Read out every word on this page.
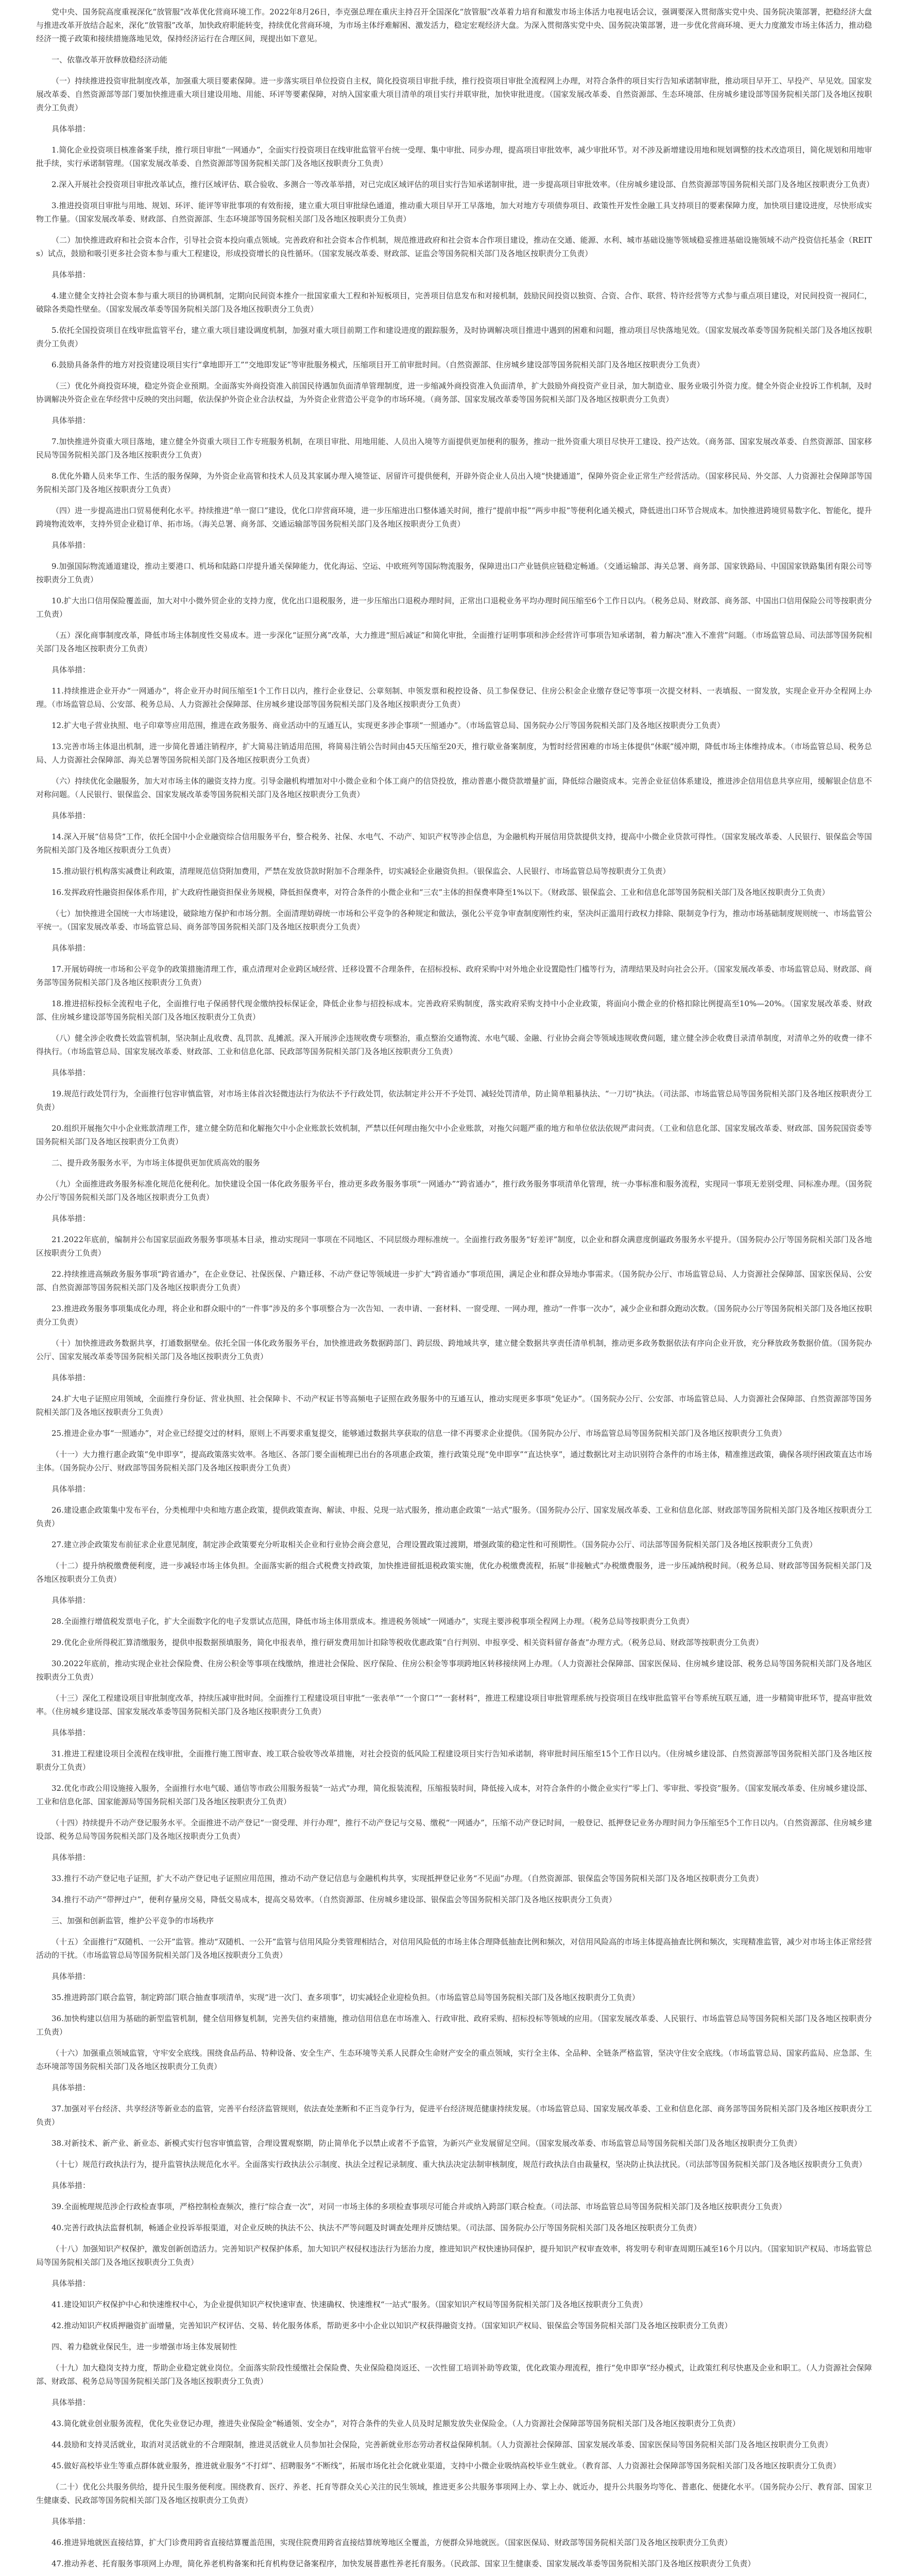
党中央、国务院高度重视深化“放管服”改革优化营商环境工作。2022年8月26日，李克强总理在重庆主持召开全国深化“放管服”改革着力培育和激发市场主体活力电视电话会议，强调要深入贯彻落实党中央、国务院决策部署，把稳经济大盘与推进改革开放结合起来，深化“放管服”改革，加快政府职能转变，持续优化营商环境，为市场主体纾难解困、激发活力，稳定宏观经济大盘。为深入贯彻落实党中央、国务院决策部署，进一步优化营商环境、更大力度激发市场主体活力，推动稳经济一揽子政策和接续措施落地见效，保持经济运行在合理区间，现提出如下意见。
一、依靠改革开放释放稳经济动能
（一）持续推进投资审批制度改革，加强重大项目要素保障。进一步落实项目单位投资自主权，简化投资项目审批手续，推行投资项目审批全流程网上办理，对符合条件的项目实行告知承诺制审批，推动项目早开工、早投产、早见效。国家发展改革委、自然资源部等部门要加快推进重大项目建设用地、用能、环评等要素保障，对纳入国家重大项目清单的项目实行并联审批，加快审批进度。（国家发展改革委、自然资源部、生态环境部、住房城乡建设部等国务院相关部门及各地区按职责分工负责）
具体举措：
1.简化企业投资项目核准备案手续，推行项目审批“一网通办”，全面实行投资项目在线审批监管平台统一受理、集中审批、同步办理，提高项目审批效率，减少审批环节。对不涉及新增建设用地和规划调整的技术改造项目，简化规划和用地审批手续，实行承诺制管理。（国家发展改革委、自然资源部等国务院相关部门及各地区按职责分工负责）
2.深入开展社会投资项目审批改革试点，推行区域评估、联合验收、多测合一等改革举措，对已完成区域评估的项目实行告知承诺制审批，进一步提高项目审批效率。（住房城乡建设部、自然资源部等国务院相关部门及各地区按职责分工负责）
3.推进投资项目审批与用地、规划、环评、能评等审批事项的有效衔接，建立重大项目审批绿色通道，推动重大项目早开工早落地，加大对地方专项债券项目、政策性开发性金融工具支持项目的要素保障力度，加快项目建设进度，尽快形成实物工作量。（国家发展改革委、财政部、自然资源部、生态环境部等国务院相关部门及各地区按职责分工负责）
（二）加快推进政府和社会资本合作，引导社会资本投向重点领域。完善政府和社会资本合作机制，规范推进政府和社会资本合作项目建设，推动在交通、能源、水利、城市基础设施等领域稳妥推进基础设施领域不动产投资信托基金（REITs）试点，鼓励和吸引更多社会资本参与重大工程建设，形成投资增长的良性循环。（国家发展改革委、财政部、证监会等国务院相关部门及各地区按职责分工负责）
具体举措：
4.建立健全支持社会资本参与重大项目的协调机制，定期向民间资本推介一批国家重大工程和补短板项目，完善项目信息发布和对接机制，鼓励民间投资以独资、合资、合作、联营、特许经营等方式参与重点项目建设，对民间投资一视同仁，破除各类隐性壁垒。（国家发展改革委等国务院相关部门及各地区按职责分工负责）
5.依托全国投资项目在线审批监管平台，建立重大项目建设调度机制，加强对重大项目前期工作和建设进度的跟踪服务，及时协调解决项目推进中遇到的困难和问题，推动项目尽快落地见效。（国家发展改革委等国务院相关部门及各地区按职责分工负责）
6.鼓励具备条件的地方对投资建设项目实行“拿地即开工”“交地即发证”等审批服务模式，压缩项目开工前审批时间。（自然资源部、住房城乡建设部等国务院相关部门及各地区按职责分工负责）
（三）优化外商投资环境，稳定外资企业预期。全面落实外商投资准入前国民待遇加负面清单管理制度，进一步缩减外商投资准入负面清单，扩大鼓励外商投资产业目录，加大制造业、服务业吸引外资力度。健全外资企业投诉工作机制，及时协调解决外资企业在华经营中反映的突出问题，依法保护外资企业合法权益，为外资企业营造公平竞争的市场环境。（商务部、国家发展改革委等国务院相关部门及各地区按职责分工负责）
具体举措：
7.加快推进外资重大项目落地，建立健全外资重大项目工作专班服务机制，在项目审批、用地用能、人员出入境等方面提供更加便利的服务，推动一批外资重大项目尽快开工建设、投产达效。（商务部、国家发展改革委、自然资源部、国家移民局等国务院相关部门及各地区按职责分工负责）
8.优化外籍人员来华工作、生活的服务保障，为外资企业高管和技术人员及其家属办理入境签证、居留许可提供便利，开辟外资企业人员出入境“快捷通道”，保障外资企业正常生产经营活动。（国家移民局、外交部、人力资源社会保障部等国务院相关部门及各地区按职责分工负责）
（四）进一步提高进出口贸易便利化水平。持续推进“单一窗口”建设，优化口岸营商环境，进一步压缩进出口整体通关时间，推行“提前申报”“两步申报”等便利化通关模式，降低进出口环节合规成本。加快推进跨境贸易数字化、智能化，提升跨境物流效率，支持外贸企业稳订单、拓市场。（海关总署、商务部、交通运输部等国务院相关部门及各地区按职责分工负责）
具体举措：
9.加强国际物流通道建设，推动主要港口、机场和陆路口岸提升通关保障能力，优化海运、空运、中欧班列等国际物流服务，保障进出口产业链供应链稳定畅通。（交通运输部、海关总署、商务部、国家铁路局、中国国家铁路集团有限公司等按职责分工负责）
10.扩大出口信用保险覆盖面，加大对中小微外贸企业的支持力度，优化出口退税服务，进一步压缩出口退税办理时间，正常出口退税业务平均办理时间压缩至6个工作日以内。（税务总局、财政部、商务部、中国出口信用保险公司等按职责分工负责）
（五）深化商事制度改革，降低市场主体制度性交易成本。进一步深化“证照分离”改革，大力推进“照后减证”和简化审批，全面推行证明事项和涉企经营许可事项告知承诺制，着力解决“准入不准营”问题。（市场监管总局、司法部等国务院相关部门及各地区按职责分工负责）
具体举措：
11.持续推进企业开办“一网通办”，将企业开办时间压缩至1个工作日以内，推行企业登记、公章刻制、申领发票和税控设备、员工参保登记、住房公积金企业缴存登记等事项一次提交材料、一表填报、一窗发放，实现企业开办全程网上办理。（市场监管总局、公安部、税务总局、人力资源社会保障部、住房城乡建设部等国务院相关部门及各地区按职责分工负责）
12.扩大电子营业执照、电子印章等应用范围，推进在政务服务、商业活动中的互通互认，实现更多涉企事项“一照通办”。（市场监管总局、国务院办公厅等国务院相关部门及各地区按职责分工负责）
13.完善市场主体退出机制，进一步简化普通注销程序，扩大简易注销适用范围，将简易注销公告时间由45天压缩至20天，推行歇业备案制度，为暂时经营困难的市场主体提供“休眠”缓冲期，降低市场主体维持成本。（市场监管总局、税务总局、人力资源社会保障部、海关总署等国务院相关部门及各地区按职责分工负责）
（六）持续优化金融服务，加大对市场主体的融资支持力度。引导金融机构增加对中小微企业和个体工商户的信贷投放，推动普惠小微贷款增量扩面，降低综合融资成本。完善企业征信体系建设，推进涉企信用信息共享应用，缓解银企信息不对称问题。（人民银行、银保监会、国家发展改革委等国务院相关部门及各地区按职责分工负责）
具体举措：
14.深入开展“信易贷”工作，依托全国中小企业融资综合信用服务平台，整合税务、社保、水电气、不动产、知识产权等涉企信息，为金融机构开展信用贷款提供支持，提高中小微企业贷款可得性。（国家发展改革委、人民银行、银保监会等国务院相关部门及各地区按职责分工负责）
15.推动银行机构落实减费让利政策，清理规范信贷附加费用，严禁在发放贷款时附加不合理条件，切实减轻企业融资负担。（银保监会、人民银行、市场监管总局等按职责分工负责）
16.发挥政府性融资担保体系作用，扩大政府性融资担保业务规模，降低担保费率，对符合条件的小微企业和“三农”主体的担保费率降至1%以下。（财政部、银保监会、工业和信息化部等国务院相关部门及各地区按职责分工负责）
（七）加快推进全国统一大市场建设，破除地方保护和市场分割。全面清理妨碍统一市场和公平竞争的各种规定和做法，强化公平竞争审查制度刚性约束，坚决纠正滥用行政权力排除、限制竞争行为，推动市场基础制度规则统一、市场监管公平统一。（国家发展改革委、市场监管总局、商务部等国务院相关部门及各地区按职责分工负责）
具体举措：
17.开展妨碍统一市场和公平竞争的政策措施清理工作，重点清理对企业跨区域经营、迁移设置不合理条件，在招标投标、政府采购中对外地企业设置隐性门槛等行为，清理结果及时向社会公开。（国家发展改革委、市场监管总局、财政部、商务部等国务院相关部门及各地区按职责分工负责）
18.推进招标投标全流程电子化，全面推行电子保函替代现金缴纳投标保证金，降低企业参与招投标成本。完善政府采购制度，落实政府采购支持中小企业政策，将面向小微企业的价格扣除比例提高至10%—20%。（国家发展改革委、财政部、住房城乡建设部等国务院相关部门及各地区按职责分工负责）
（八）健全涉企收费长效监管机制，坚决制止乱收费、乱罚款、乱摊派。深入开展涉企违规收费专项整治，重点整治交通物流、水电气暖、金融、行业协会商会等领域违规收费问题，建立健全涉企收费目录清单制度，对清单之外的收费一律不得执行。（市场监管总局、国家发展改革委、财政部、工业和信息化部、民政部等国务院相关部门及各地区按职责分工负责）
具体举措：
19.规范行政处罚行为，全面推行包容审慎监管，对市场主体首次轻微违法行为依法不予行政处罚，依法制定并公开不予处罚、减轻处罚清单，防止简单粗暴执法、“一刀切”执法。（司法部、市场监管总局等国务院相关部门及各地区按职责分工负责）
20.组织开展拖欠中小企业账款清理工作，建立健全防范和化解拖欠中小企业账款长效机制，严禁以任何理由拖欠中小企业账款，对拖欠问题严重的地方和单位依法依规严肃问责。（工业和信息化部、国家发展改革委、财政部、国务院国资委等国务院相关部门及各地区按职责分工负责）
二、提升政务服务水平，为市场主体提供更加优质高效的服务
（九）全面推进政务服务标准化规范化便利化。加快建设全国一体化政务服务平台，推动更多政务服务事项“一网通办”“跨省通办”，推行政务服务事项清单化管理，统一办事标准和服务流程，实现同一事项无差别受理、同标准办理。（国务院办公厅等国务院相关部门及各地区按职责分工负责）
具体举措：
21.2022年底前，编制并公布国家层面政务服务事项基本目录，推动实现同一事项在不同地区、不同层级办理标准统一。全面推行政务服务“好差评”制度，以企业和群众满意度倒逼政务服务水平提升。（国务院办公厅等国务院相关部门及各地区按职责分工负责）
22.持续推进高频政务服务事项“跨省通办”，在企业登记、社保医保、户籍迁移、不动产登记等领域进一步扩大“跨省通办”事项范围，满足企业和群众异地办事需求。（国务院办公厅、市场监管总局、人力资源社会保障部、国家医保局、公安部、自然资源部等国务院相关部门及各地区按职责分工负责）
23.推进政务服务事项集成化办理，将企业和群众眼中的“一件事”涉及的多个事项整合为一次告知、一表申请、一套材料、一窗受理、一网办理，推动“一件事一次办”，减少企业和群众跑动次数。（国务院办公厅等国务院相关部门及各地区按职责分工负责）
（十）加快推进政务数据共享，打通数据壁垒。依托全国一体化政务服务平台，加快推进政务数据跨部门、跨层级、跨地域共享，建立健全数据共享责任清单机制，推动更多政务数据依法有序向企业开放，充分释放政务数据价值。（国务院办公厅、国家发展改革委等国务院相关部门及各地区按职责分工负责）
具体举措：
24.扩大电子证照应用领域，全面推行身份证、营业执照、社会保障卡、不动产权证书等高频电子证照在政务服务中的互通互认，推动实现更多事项“免证办”。（国务院办公厅、公安部、市场监管总局、人力资源社会保障部、自然资源部等国务院相关部门及各地区按职责分工负责）
25.推进企业办事“一照通办”，对企业已经提交过的材料，原则上不再要求重复提交，能够通过数据共享获取的信息一律不再要求企业提供。（国务院办公厅、市场监管总局等国务院相关部门及各地区按职责分工负责）
（十一）大力推行惠企政策“免申即享”，提高政策落实效率。各地区、各部门要全面梳理已出台的各项惠企政策，推行政策兑现“免申即享”“直达快享”，通过数据比对主动识别符合条件的市场主体，精准推送政策，确保各项纾困政策直达市场主体。（国务院办公厅、财政部等国务院相关部门及各地区按职责分工负责）
具体举措：
26.建设惠企政策集中发布平台，分类梳理中央和地方惠企政策，提供政策查询、解读、申报、兑现一站式服务，推动惠企政策“一站式”服务。（国务院办公厅、国家发展改革委、工业和信息化部、财政部等国务院相关部门及各地区按职责分工负责）
27.建立涉企政策发布前征求企业意见制度，制定涉企政策要充分听取相关企业和行业协会商会意见，合理设置政策过渡期，增强政策的稳定性和可预期性。（国务院办公厅、司法部等国务院相关部门及各地区按职责分工负责）
（十二）提升纳税缴费便利度，进一步减轻市场主体负担。全面落实新的组合式税费支持政策，加快推进留抵退税政策实施，优化办税缴费流程，拓展“非接触式”办税缴费服务，进一步压减纳税时间。（税务总局、财政部等国务院相关部门及各地区按职责分工负责）
具体举措：
28.全面推行增值税发票电子化，扩大全面数字化的电子发票试点范围，降低市场主体用票成本。推进税务领域“一网通办”，实现主要涉税事项全程网上办理。（税务总局等按职责分工负责）
29.优化企业所得税汇算清缴服务，提供申报数据预填服务，简化申报表单，推行研发费用加计扣除等税收优惠政策“自行判别、申报享受、相关资料留存备查”办理方式。（税务总局、财政部等按职责分工负责）
30.2022年底前，推动实现企业社会保险费、住房公积金等事项在线缴纳，推进社会保险、医疗保险、住房公积金等事项跨地区转移接续网上办理。（人力资源社会保障部、国家医保局、住房城乡建设部、税务总局等国务院相关部门及各地区按职责分工负责）
（十三）深化工程建设项目审批制度改革，持续压减审批时间。全面推行工程建设项目审批“一张表单”“一个窗口”“一套材料”，推进工程建设项目审批管理系统与投资项目在线审批监管平台等系统互联互通，进一步精简审批环节，提高审批效率。（住房城乡建设部、国家发展改革委等国务院相关部门及各地区按职责分工负责）
具体举措：
31.推进工程建设项目全流程在线审批，全面推行施工图审查、竣工联合验收等改革措施，对社会投资的低风险工程建设项目实行告知承诺制，将审批时间压缩至15个工作日以内。（住房城乡建设部、自然资源部等国务院相关部门及各地区按职责分工负责）
32.优化市政公用设施接入服务，全面推行水电气暖、通信等市政公用服务报装“一站式”办理，简化报装流程，压缩报装时间，降低接入成本，对符合条件的小微企业实行“零上门、零审批、零投资”服务。（国家发展改革委、住房城乡建设部、工业和信息化部、国家能源局等国务院相关部门及各地区按职责分工负责）
（十四）持续提升不动产登记服务水平。全面推进不动产登记“一窗受理、并行办理”，推行不动产登记与交易、缴税“一网通办”，压缩不动产登记时间，一般登记、抵押登记业务办理时间力争压缩至5个工作日以内。（自然资源部、住房城乡建设部、税务总局等国务院相关部门及各地区按职责分工负责）
具体举措：
33.推行不动产登记电子证照，扩大不动产登记电子证照应用范围，推动不动产登记信息与金融机构共享，实现抵押登记业务“不见面”办理。（自然资源部、银保监会等国务院相关部门及各地区按职责分工负责）
34.推行不动产“带押过户”，便利存量房交易，降低交易成本，提高交易效率。（自然资源部、住房城乡建设部、银保监会等国务院相关部门及各地区按职责分工负责）
三、加强和创新监管，维护公平竞争的市场秩序
（十五）全面推行“双随机、一公开”监管。推动“双随机、一公开”监管与信用风险分类管理相结合，对信用风险低的市场主体合理降低抽查比例和频次，对信用风险高的市场主体提高抽查比例和频次，实现精准监管，减少对市场主体正常经营活动的干扰。（市场监管总局等国务院相关部门及各地区按职责分工负责）
具体举措：
35.推进跨部门联合监管，制定跨部门联合抽查事项清单，实现“进一次门、查多项事”，切实减轻企业迎检负担。（市场监管总局等国务院相关部门及各地区按职责分工负责）
36.加快构建以信用为基础的新型监管机制，健全信用修复机制，完善失信约束措施，推动信用信息在市场准入、行政审批、政府采购、招标投标等领域的应用。（国家发展改革委、人民银行、市场监管总局等国务院相关部门及各地区按职责分工负责）
（十六）加强重点领域监管，守牢安全底线。围绕食品药品、特种设备、安全生产、生态环境等关系人民群众生命财产安全的重点领域，实行全主体、全品种、全链条严格监管，坚决守住安全底线。（市场监管总局、国家药监局、应急部、生态环境部等国务院相关部门及各地区按职责分工负责）
具体举措：
37.加强对平台经济、共享经济等新业态的监管，完善平台经济监管规则，依法查处垄断和不正当竞争行为，促进平台经济规范健康持续发展。（市场监管总局、国家发展改革委、工业和信息化部、商务部等国务院相关部门及各地区按职责分工负责）
38.对新技术、新产业、新业态、新模式实行包容审慎监管，合理设置观察期，防止简单化予以禁止或者不予监管，为新兴产业发展留足空间。（国家发展改革委、市场监管总局等国务院相关部门及各地区按职责分工负责）
（十七）规范行政执法行为，提升监管执法规范化水平。全面落实行政执法公示制度、执法全过程记录制度、重大执法决定法制审核制度，规范行政执法自由裁量权，坚决防止执法扰民。（司法部等国务院相关部门及各地区按职责分工负责）
具体举措：
39.全面梳理规范涉企行政检查事项，严格控制检查频次，推行“综合查一次”，对同一市场主体的多项检查事项尽可能合并或纳入跨部门联合检查。（司法部、市场监管总局等国务院相关部门及各地区按职责分工负责）
40.完善行政执法监督机制，畅通企业投诉举报渠道，对企业反映的执法不公、执法不严等问题及时调查处理并反馈结果。（司法部、国务院办公厅等国务院相关部门及各地区按职责分工负责）
（十八）加强知识产权保护，激发创新创造活力。完善知识产权保护体系，加大知识产权侵权违法行为惩治力度，推进知识产权快速协同保护，提升知识产权审查效率，将发明专利审查周期压减至16个月以内。（国家知识产权局、市场监管总局等国务院相关部门及各地区按职责分工负责）
具体举措：
41.建设知识产权保护中心和快速维权中心，为企业提供知识产权快速审查、快速确权、快速维权“一站式”服务。（国家知识产权局等国务院相关部门及各地区按职责分工负责）
42.推动知识产权质押融资扩面增量，完善知识产权评估、交易、转化服务体系，帮助更多中小企业以知识产权获得融资支持。（国家知识产权局、银保监会等国务院相关部门及各地区按职责分工负责）
四、着力稳就业保民生，进一步增强市场主体发展韧性
（十九）加大稳岗支持力度，帮助企业稳定就业岗位。全面落实阶段性缓缴社会保险费、失业保险稳岗返还、一次性留工培训补助等政策，优化政策办理流程，推行“免申即享”经办模式，让政策红利尽快惠及企业和职工。（人力资源社会保障部、财政部、税务总局等国务院相关部门及各地区按职责分工负责）
具体举措：
43.简化就业创业服务流程，优化失业登记办理，推进失业保险金“畅通领、安全办”，对符合条件的失业人员及时足额发放失业保险金。（人力资源社会保障部等国务院相关部门及各地区按职责分工负责）
44.鼓励和支持灵活就业，取消对灵活就业的不合理限制，推进灵活就业人员参加社会保险，完善新就业形态劳动者权益保障机制。（人力资源社会保障部、国家发展改革委、国家医保局等国务院相关部门及各地区按职责分工负责）
45.做好高校毕业生等重点群体就业服务，推进就业服务“不打烊”、招聘服务“不断线”，拓展市场化社会化就业渠道，支持中小微企业吸纳高校毕业生就业。（教育部、人力资源社会保障部等国务院相关部门及各地区按职责分工负责）
（二十）优化公共服务供给，提升民生服务便利度。围绕教育、医疗、养老、托育等群众关心关注的民生领域，推进更多公共服务事项网上办、掌上办、就近办，提升公共服务均等化、普惠化、便捷化水平。（国务院办公厅、教育部、国家卫生健康委、民政部等国务院相关部门及各地区按职责分工负责）
具体举措：
46.推进异地就医直接结算，扩大门诊费用跨省直接结算覆盖范围，实现住院费用跨省直接结算统筹地区全覆盖，方便群众异地就医。（国家医保局、财政部等国务院相关部门及各地区按职责分工负责）
47.推动养老、托育服务事项网上办理，简化养老机构备案和托育机构登记备案程序，加快发展普惠性养老托育服务。（民政部、国家卫生健康委、国家发展改革委等国务院相关部门及各地区按职责分工负责）
